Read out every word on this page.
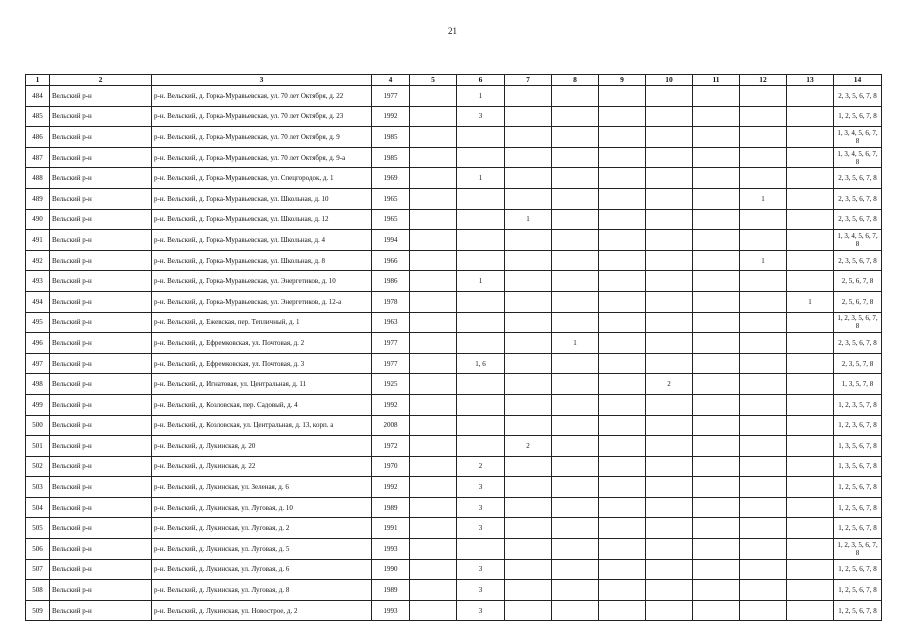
21
1	2	3	4	5	6	7	8	9	10	11	12	13	14
484	Вельский р-н	р-н. Вельский, д. Горка-Муравьевская, ул. 70 лет Октября, д. 22	1977		1								2, 3, 5, 6, 7, 8
485	Вельский р-н	р-н. Вельский, д. Горка-Муравьевская, ул. 70 лет Октября, д. 23	1992		3								1, 2, 5, 6, 7, 8
486	Вельский р-н	р-н. Вельский, д. Горка-Муравьевская, ул. 70 лет Октября, д. 9	1985										1, 3, 4, 5, 6, 7, 8
487	Вельский р-н	р-н. Вельский, д. Горка-Муравьевская, ул. 70 лет Октября, д. 9-а	1985										1, 3, 4, 5, 6, 7, 8
488	Вельский р-н	р-н. Вельский, д. Горка-Муравьевская, ул. Спецгородок, д. 1	1969		1								2, 3, 5, 6, 7, 8
489	Вельский р-н	р-н. Вельский, д. Горка-Муравьевская, ул. Школьная, д. 10	1965								1		2, 3, 5, 6, 7, 8
490	Вельский р-н	р-н. Вельский, д. Горка-Муравьевская, ул. Школьная, д. 12	1965			1							2, 3, 5, 6, 7, 8
491	Вельский р-н	р-н. Вельский, д. Горка-Муравьевская, ул. Школьная, д. 4	1994										1, 3, 4, 5, 6, 7, 8
492	Вельский р-н	р-н. Вельский, д. Горка-Муравьевская, ул. Школьная, д. 8	1966								1		2, 3, 5, 6, 7, 8
493	Вельский р-н	р-н. Вельский, д. Горка-Муравьевская, ул. Энергетиков, д. 10	1986		1								2, 5, 6, 7, 8
494	Вельский р-н	р-н. Вельский, д. Горка-Муравьевская, ул. Энергетиков, д. 12-а	1978									1	2, 5, 6, 7, 8
495	Вельский р-н	р-н. Вельский, д. Ежевская, пер. Тепличный, д. 1	1963										1, 2, 3, 5, 6, 7, 8
496	Вельский р-н	р-н. Вельский, д. Ефремковская, ул. Почтовая, д. 2	1977				1						2, 3, 5, 6, 7, 8
497	Вельский р-н	р-н. Вельский, д. Ефремковская, ул. Почтовая, д. 3	1977		1, 6								2, 3, 5, 7, 8
498	Вельский р-н	р-н. Вельский, д. Игнатовая, ул. Центральная, д. 11	1925						2				1, 3, 5, 7, 8
499	Вельский р-н	р-н. Вельский, д. Козловская, пер. Садовый, д. 4	1992										1, 2, 3, 5, 7, 8
500	Вельский р-н	р-н. Вельский, д. Козловская, ул. Центральная, д. 13, корп. а	2008										1, 2, 3, 6, 7, 8
501	Вельский р-н	р-н. Вельский, д. Лукинская, д. 20	1972			2							1, 3, 5, 6, 7, 8
502	Вельский р-н	р-н. Вельский, д. Лукинская, д. 22	1970		2								1, 3, 5, 6, 7, 8
503	Вельский р-н	р-н. Вельский, д. Лукинская, ул. Зеленая, д. 6	1992		3								1, 2, 5, 6, 7, 8
504	Вельский р-н	р-н. Вельский, д. Лукинская, ул. Луговая, д. 10	1989		3								1, 2, 5, 6, 7, 8
505	Вельский р-н	р-н. Вельский, д. Лукинская, ул. Луговая, д. 2	1991		3								1, 2, 5, 6, 7, 8
506	Вельский р-н	р-н. Вельский, д. Лукинская, ул. Луговая, д. 5	1993										1, 2, 3, 5, 6, 7, 8
507	Вельский р-н	р-н. Вельский, д. Лукинская, ул. Луговая, д. 6	1990		3								1, 2, 5, 6, 7, 8
508	Вельский р-н	р-н. Вельский, д. Лукинская, ул. Луговая, д. 8	1989		3								1, 2, 5, 6, 7, 8
509	Вельский р-н	р-н. Вельский, д. Лукинская, ул. Новострое, д. 2	1993		3								1, 2, 5, 6, 7, 8
